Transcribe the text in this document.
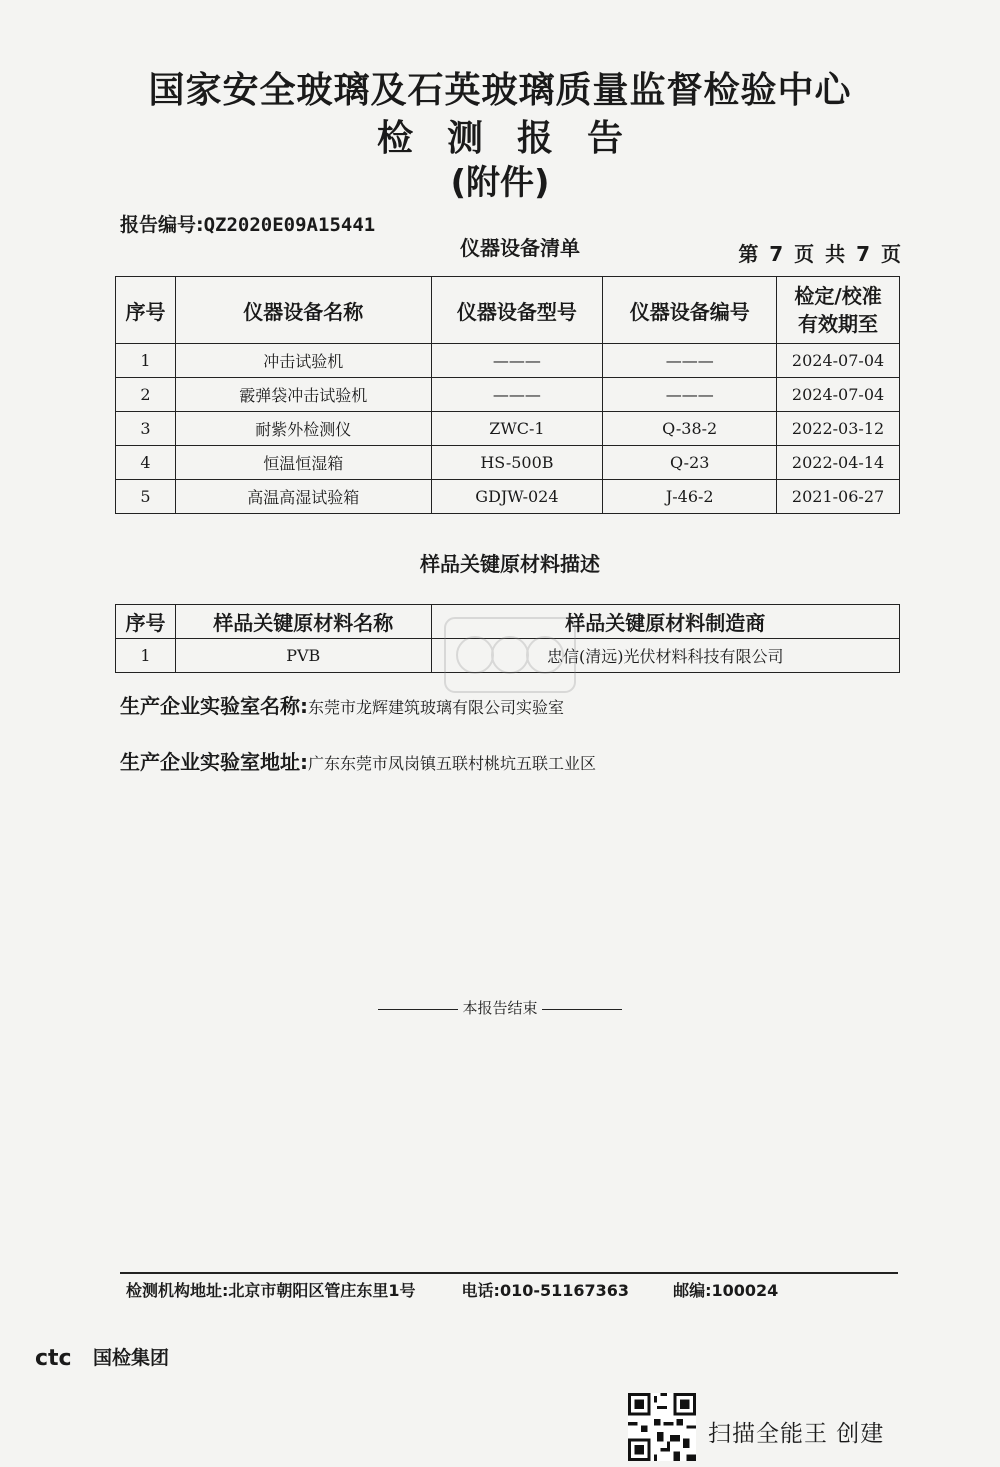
国家安全玻璃及石英玻璃质量监督检验中心
检测报告
(附件)
报告编号:QZ2020E09A15441
仪器设备清单	第 7 页 共 7 页
序号	仪器设备名称	仪器设备型号	仪器设备编号	检定/校准
有效期至
1	冲击试验机	———	———	2024-07-04
2	霰弹袋冲击试验机	———	———	2024-07-04
3	耐紫外检测仪	ZWC-1	Q-38-2	2022-03-12
4	恒温恒湿箱	HS-500B	Q-23	2022-04-14
5	高温高湿试验箱	GDJW-024	J-46-2	2021-06-27
样品关键原材料描述
序号	样品关键原材料名称	样品关键原材料制造商
1	PVB	忠信(清远)光伏材料科技有限公司
生产企业实验室名称:东莞市龙辉建筑玻璃有限公司实验室
生产企业实验室地址:广东东莞市凤岗镇五联村桃坑五联工业区
本报告结束
检测机构地址:北京市朝阳区管庄东里1号	电话:010-51167363	邮编:100024
ctc 国检集团
扫描全能王 创建
